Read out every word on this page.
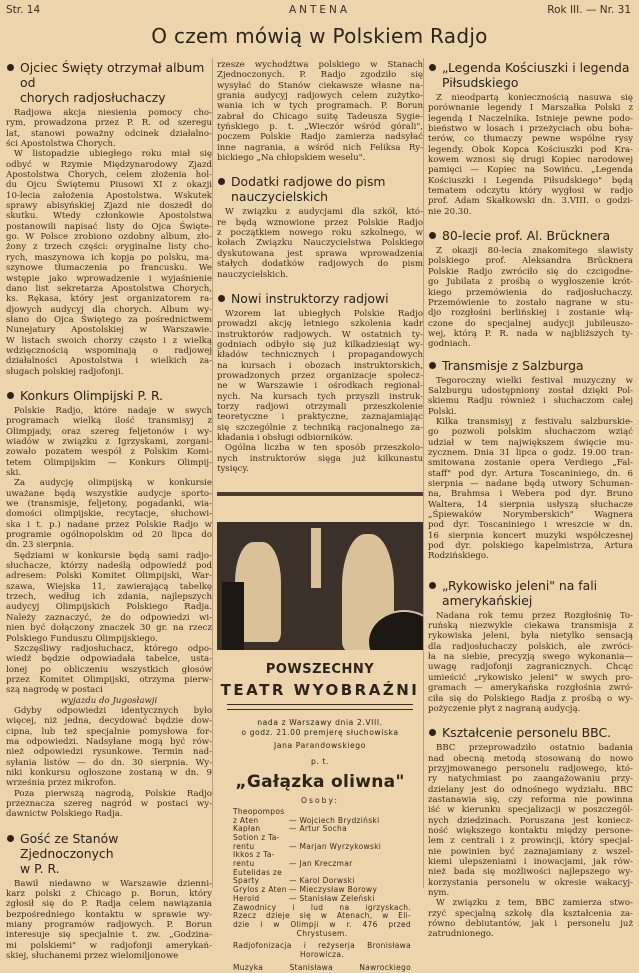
Str. 14	ANTENA	Rok III. — Nr. 31
O czem mówią w Polskiem Radjo
Ojciec Święty otrzymał album od
chorych radjosłuchaczy
Radjowa akcja niesienia pomocy cho-
rym, prowadzona przez P. R. od szeregu
lat, stanowi poważny odcinek działalno-
ści Apostolstwa Chorych.
W listopadzie ubiegłego roku miał się
odbyć w Rzymie Międzynarodowy Zjazd
Apostolstwa Chorych, celem złożenia hol-
du Ojcu Świętemu Piusowi XI z okazji
10-lecia założenia Apostolstwa. Wskutek
sprawy abisyńskiej Zjazd nie doszedł do
skutku. Wtedy członkowie Apostolstwa
postanowili napisać listy do Ojca Święte-
go. W Polsce zrobiono ozdobny album, zło-
żony z trzech części: oryginalne listy cho-
rych, maszynowa ich kopja po polsku, ma-
szynowe tłumaczenia po francusku. We
wstępie jako wprowadzenie i wyjaśnienie
dano list sekretarza Apostolstwa Chorych,
ks. Rękasa, który jest organizatorem ra-
djowych audycyj dla chorych. Album wy-
słano do Ojca Świętego za pośrednictwem
Nunejatury Apostolskiej w Warszawie.
W listach swoich chorzy często i z wielką
wdzięcznością wspominają o radjowej
działalności Apostolstwa i wielkich za-
sługach polskiej radjofonji.
Konkurs Olimpijski P. R.
Polskie Radjo, które nadaje w swych
programach wielką ilość transmisyj z
Olimpjady, oraz szereg feljetonów i wy-
wiadów w związku z Igrzyskami, zorgani-
zowało pozatem wespół z Polskim Komi-
tetem Olimpijskim — Konkurs Olimpij-
ski.
Za audycję olimpijską w konkursie
uważane będą wszystkie audycje sporto-
we (transmisje, feljetony, pogadanki, wia-
domości olimpijskie, recytacje, słuchowi-
ska i t. p.) nadane przez Polskie Radjo w
programie ogólnopolskim od 20 lipca do
dn. 23 sierpnia.
Sędziami w konkursie będą sami radjo-
słuchacze, którzy nadeślą odpowiedź pod
adresem: Polski Komitet Olimpijski, War-
szawa, Wiejska 11, zawierającą tabelkę
trzech, według ich zdania, najlepszych
audycyj Olimpijskich Polskiego Radja.
Należy zaznaczyć, że do odpowiedzi wi-
nien być dołączony znaczek 30 gr. na rzecz
Polskiego Funduszu Olimpijskiego.
Szczęśliwy radjosłuchacz, którego odpo-
wiedź będzie odpowiadała tabelce, usta-
lonej po obliczeniu wszystkich głosów
przez Komitet Olimpijski, otrzyma pierw-
szą nagrodę w postaci
wyjazdu do Jugosławji
Gdyby odpowiedzi identycznych było
więcej, niż jedna, decydować będzie dow-
cipna, lub też specjalnie pomysłowa for-
ma odpowiedzi. Nadsyłane mogą być rów-
nież odpowiedzi rysunkowe. Termin nad-
syłania listów — do dn. 30 sierpnia. Wy-
niki konkursu ogłoszone zostaną w dn. 9
września przez mikrofon.
Poza pierwszą nagrodą, Polskie Radjo
przeznacza szereg nagród w postaci wy-
dawnictw Polskiego Radja.
Gość ze Stanów Zjednoczonych
w P. R.
Bawił niedawno w Warszawie dzienni-
karz polski z Chicago p. Borun, który
zgłosił się do P. Radja celem nawiązania
bezpośredniego kontaktu w sprawie wy-
miany programów radjowych. P. Borun
interesuje się specjalnie t. zw. „Godzina-
mi polskiemi" w radjofonji amerykań-
skiej, słuchanemi przez wielomiljonowe
rzesze wychodźtwa polskiego w Stanach
Zjednoczonych. P. Radjo zgodziło się
wysyłać do Stanów ciekawsze własne na-
grania audycyj radjowych celem zużytko-
wania ich w tych programach. P. Borun
zabrał do Chicago suitę Tadeusza Sygie-
tyńskiego p. t. „Wieczór wśród górali",
poczem Polskie Radjo zamierza nadsyłać
inne nagrania, a wśród nich Feliksa Ry-
bickiego „Na chłopskiem weselu".
Dodatki radjowe do pism
nauczycielskich
W związku z audycjami dla szkół, któ-
re będą wznowione przez Polskie Radjo
z początkiem nowego roku szkolnego, w
kołach Związku Nauczycielstwa Polskiego
dyskutowana jest sprawa wprowadzenia
stałych dodatków radjowych do pism
nauczycielskich.
Nowi instruktorzy radjowi
Wzorem lat ubiegłych Polskie Radjo
prowadzi akcję letniego szkolenia kadr
instruktorów radjowych. W ostatnich ty-
godniach odbyło się już kilkadziesiąt wy-
kładów technicznych i propagandowych
na kursach i obozach instruktorskich,
prowadzonych przez organizacje społecz-
ne w Warszawie i ośrodkach regional-
nych. Na kursach tych przyszli instruk-
torzy radjowi otrzymali przeszkolenie
teoretyczne i praktyczne, zaznajamiając
się szczególnie z techniką racjonalnego za-
kładania i obsługi odbiorników.
Ogólna liczba w ten sposób przeszkolo-
nych instruktorów sięga już kilkunastu
tysięcy.
POWSZECHNY
TEATR WYOBRAŹNI
nada z Warszawy dnia 2.VIII.
o godz. 21.00 premjerę słuchowiska
Jana Parandowskiego
p. t.
„Gałązka oliwna"
Osoby:
Theopompos
z Aten	— Wojciech Brydziński
Kapłan	— Artur Socha
Sotion z Ta-
rentu	— Marjan Wyrzykowski
Ikkos z Ta-
rentu	— Jan Kreczmar
Eutelidas ze
Sparty	— Karol Dorwski
Grylos z Aten — Mieczysław Borowy
Herold	— Stanisław Zeleński
Zawodnicy i lud na igrzyskach.
Rzecz dzieje się w Atenach, w Eli-
dzie i w Olimpji w r. 476 przed
Chrystusem.
Radjofonizacja i reżyserja Bronisława
Horowicza.
Muzyka Stanisława Nawrockiego
„Legenda Kościuszki i legenda
Piłsudskiego
Z nieodpartą koniecznością nasuwa się
porównanie legendy I Marszałka Polski z
legendą I Naczelnika. Istnieje pewne podo-
bieństwo w losach i przeżyciach obu boha-
terów, co tłumaczy pewne wspólne rysy
legendy. Obok Kopca Kościuszki pod Kra-
kowem wznosi się drugi Kopiec narodowej
pamięci — Kopiec na Sowińcu. „Legenda
Kościuszki i Legenda Piłsudskiego" będą
tematem odczytu który wygłosi w radjo
prof. Adam Skałkowski dn. 3.VIII. o godzi-
nie 20.30.
80-lecie prof. Al. Brücknera
Z okazji 80-lecia znakomitego slawisty
polskiego prof. Aleksandra Brücknera
Polskie Radjo zwróciło się do czcigodne-
go Jubilata z prośbą o wygłoszenie krót-
kiego przemówienia do radjosłuchaczy.
Przemówienie to zostało nagrane w stu-
djo rozgłośni berlińskiej i zostanie włą-
czone do specjalnej audycji jubileuszo-
wej, którą P. R. nada w najbliższych ty-
godniach.
Transmisje z Salzburga
Tegoroczny wielki festival muzyczny w
Salzburgu udostępniony został dzięki Pol-
skiemu Radju również i słuchaczom całej
Polski.
Kilka transmisyj z festivalu salzburskie-
go pozwoli polskim słuchaczom wziąć
udział w tem największem święcie mu-
zycznem. Dnia 31 lipca o godz. 19.00 tran-
smitowana zostanie opera Verdiego „Fal-
staff" pod dyr. Artura Toscaniniego, dn. 6
sierpnia — nadane będą utwory Schuman-
na, Brahmsa i Webera pod dyr. Bruno
Waltera, 14 sierpnia usłyszą słuchacze
„Śpiewaków Norymberskich" Wagnera
pod dyr. Toscaniniego i wreszcie w dn.
16 sierpnia koncert muzyki współczesnej
pod dyr. polskiego kapelmistrza, Artura
Rodzińskiego.
„Rykowisko jeleni" na fali
amerykańskiej
Nadana rok temu przez Rozgłośnię To-
ruńską niezwykle ciekawa transmisja z
rykowiska jeleni, była nietylko sensacją
dla radjosłuchaczy polskich, ale zwróci-
ła na siebie, precyzją swego wykonania—
uwagę radjofonji zagranicznych. Chcąc
umieścić „rykowisko jeleni" w swych pro-
gramach — amerykańska rozgłośnia zwró-
ciła się do Polskiego Radja z prośbą o wy-
pożyczenie płyt z nagraną audycją.
Kształcenie personelu BBC.
BBC przeprowadziło ostatnio badania
nad obecną metodą stosowaną do nowo
przyjmowanego personelu radjowego, któ-
ry natychmiast po zaangażowaniu przy-
dzielany jest do odnośnego wydziału. BBC
zastanawia się, czy reforma nie powinna
iść w kierunku specjalizacji w poszczegól-
nych dziedzinach. Poruszana jest koniecz-
ność większego kontaktu między persone-
lem z centrali i z prowincji, który specjal-
nie powinien być zaznajamiany z wszel-
kiemi ulepszeniami i inowacjami, jak rów-
nież bada się możliwości najlepszego wy-
korzystania personelu w okresie wakacyj-
nym.
W związku z tem, BBC zamierza stwo-
rzyć specjalną szkołę dla kształcenia za-
równo debiutantów, jak i personelu już
zatrudnionego.
